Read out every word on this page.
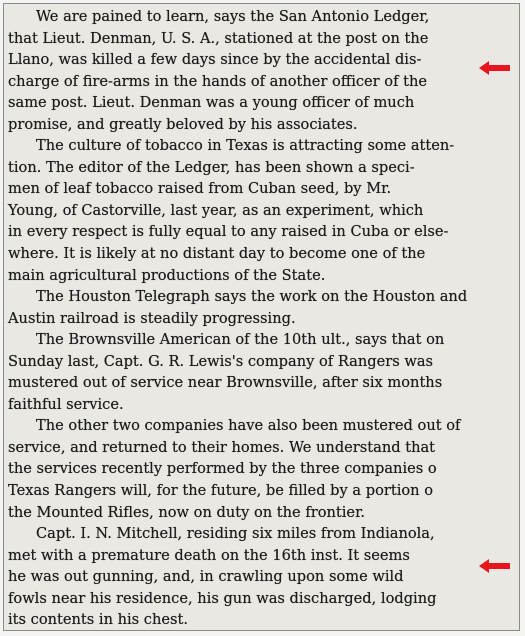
We are pained to learn, says the San Antonio Ledger,
that Lieut. Denman, U. S. A., stationed at the post on the
Llano, was killed a few days since by the accidental dis-
charge of fire-arms in the hands of another officer of the
same post. Lieut. Denman was a young officer of much
promise, and greatly beloved by his associates.
The culture of tobacco in Texas is attracting some atten-
tion. The editor of the Ledger, has been shown a speci-
men of leaf tobacco raised from Cuban seed, by Mr.
Young, of Castorville, last year, as an experiment, which
in every respect is fully equal to any raised in Cuba or else-
where. It is likely at no distant day to become one of the
main agricultural productions of the State.
The Houston Telegraph says the work on the Houston and
Austin railroad is steadily progressing.
The Brownsville American of the 10th ult., says that on
Sunday last, Capt. G. R. Lewis's company of Rangers was
mustered out of service near Brownsville, after six months
faithful service.
The other two companies have also been mustered out of
service, and returned to their homes. We understand that
the services recently performed by the three companies o
Texas Rangers will, for the future, be filled by a portion o
the Mounted Rifles, now on duty on the frontier.
Capt. I. N. Mitchell, residing six miles from Indianola,
met with a premature death on the 16th inst. It seems
he was out gunning, and, in crawling upon some wild
fowls near his residence, his gun was discharged, lodging
its contents in his chest.
